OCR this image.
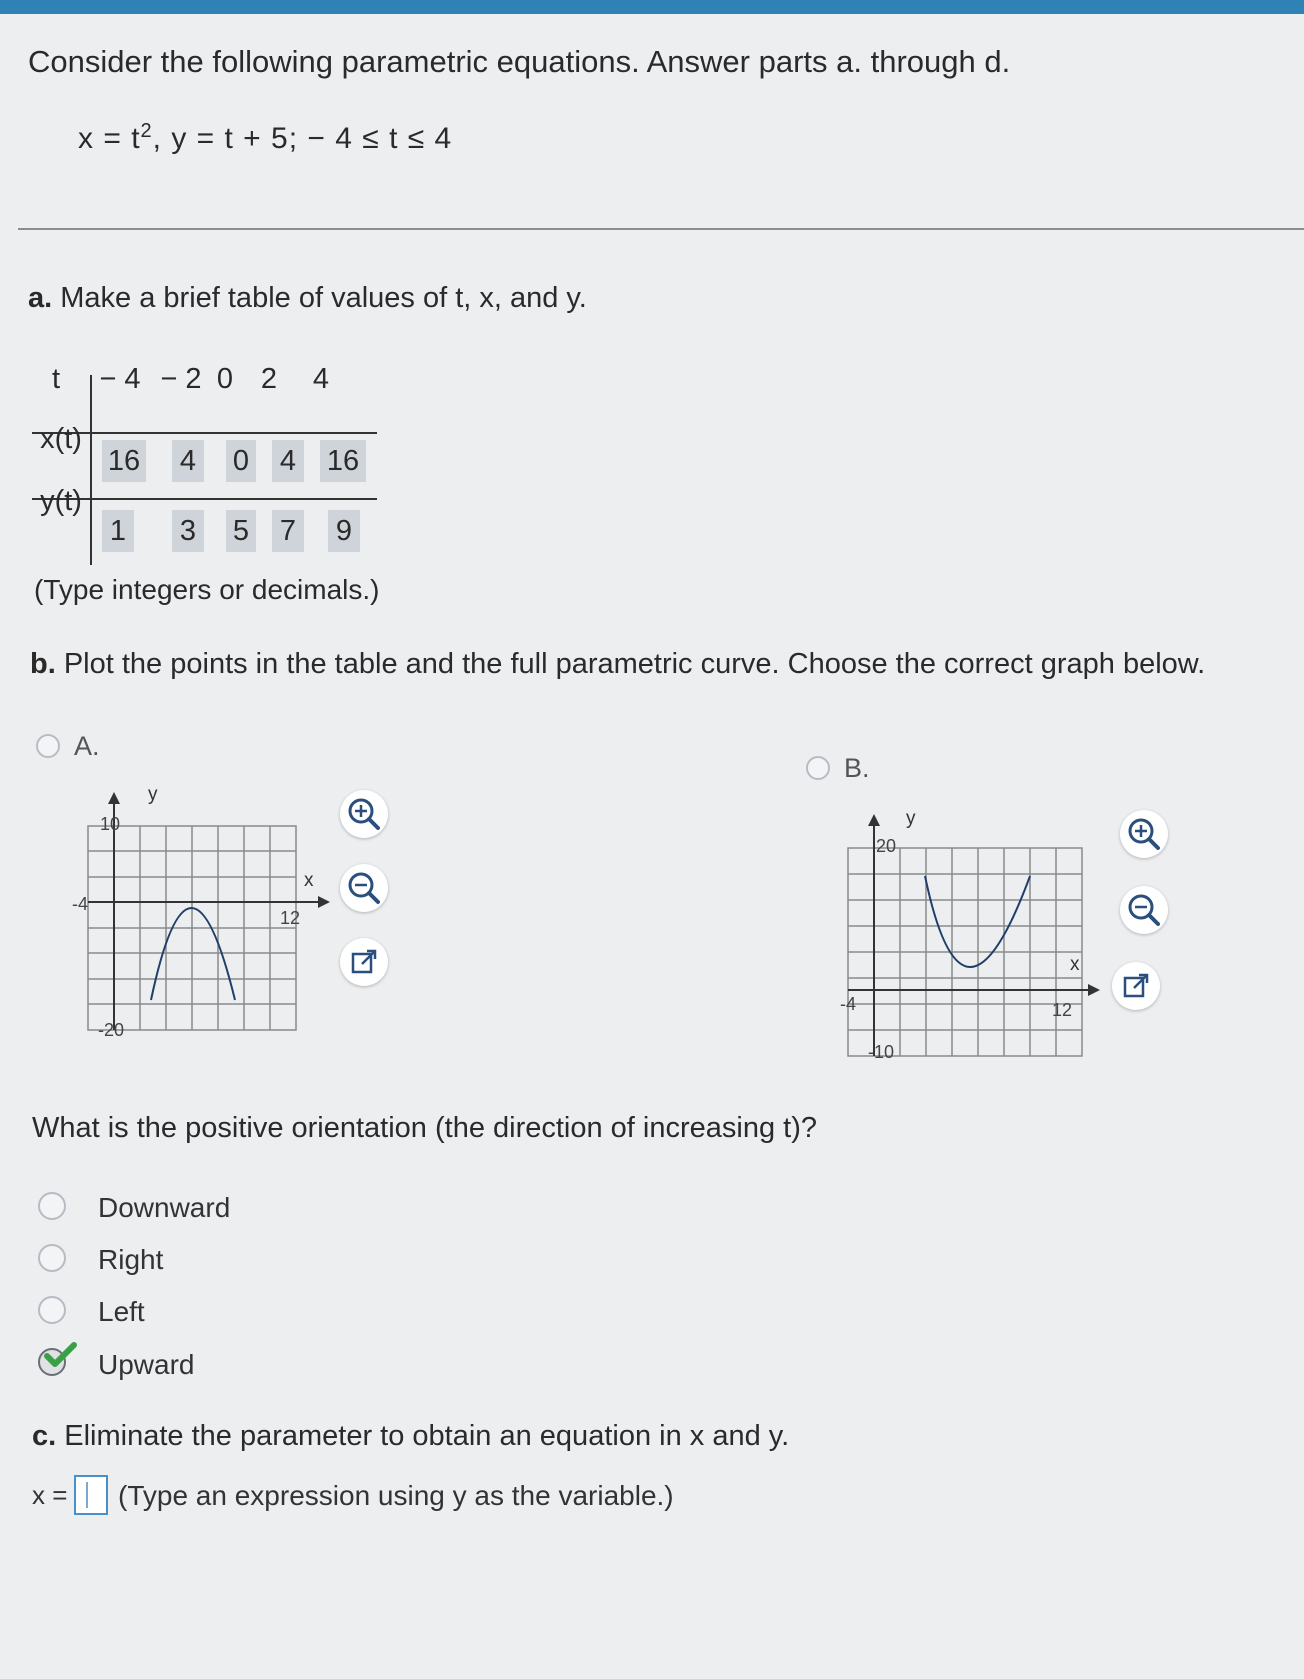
Consider the following parametric equations. Answer parts a. through d.
$x = t^2$, y = t + 5; − 4 ≤ t ≤ 4
a. Make a brief table of values of t, x, and y.
t
x(t)
y(t)
− 4 − 2 0 2 4
16 4 0 4 16
1 3 5 7 9
(Type integers or decimals.)
b. Plot the points in the table and the full parametric curve. Choose the correct graph below.
A.
y
x
10
-4
12
-20
B.
y
x
20
-4	12
-10
What is the positive orientation (the direction of increasing t)?
Downward
Right
Left
Upward
c. Eliminate the parameter to obtain an equation in x and y.
x = (Type an expression using y as the variable.)
